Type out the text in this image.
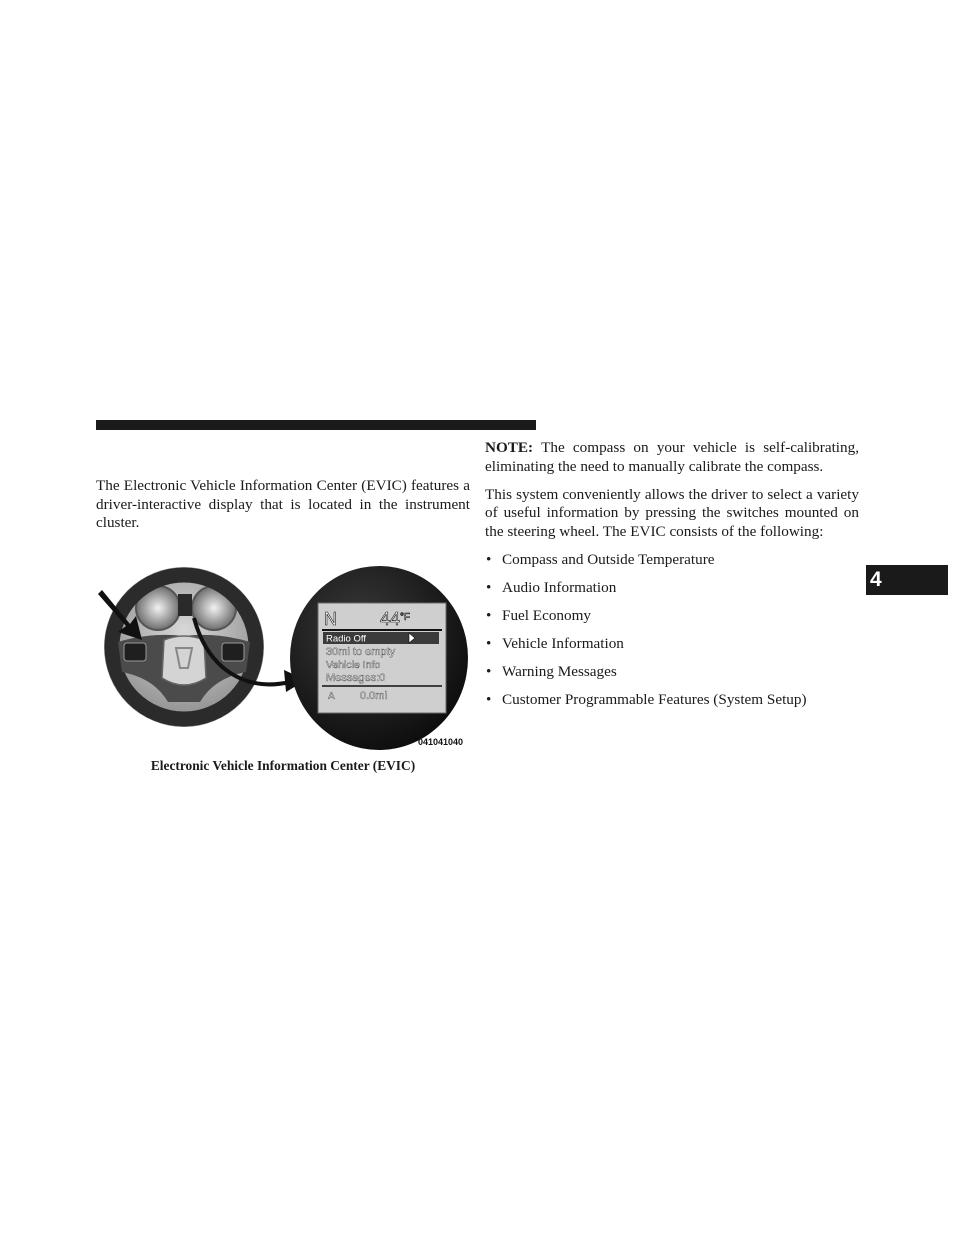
The Electronic Vehicle Information Center (EVIC) features a driver-interactive display that is located in the instrument cluster.

N $44^{^\circ F}$
Radio Off
30mi to empty
Vehicle Info
Messages:0
A 0.0mi
041041040
Electronic Vehicle Information Center (EVIC)

NOTE: The compass on your vehicle is self-calibrating, eliminating the need to manually calibrate the compass.

This system conveniently allows the driver to select a variety of useful information by pressing the switches mounted on the steering wheel. The EVIC consists of the following:

• Compass and Outside Temperature
• Audio Information
• Fuel Economy
• Vehicle Information
• Warning Messages
• Customer Programmable Features (System Setup)
4
